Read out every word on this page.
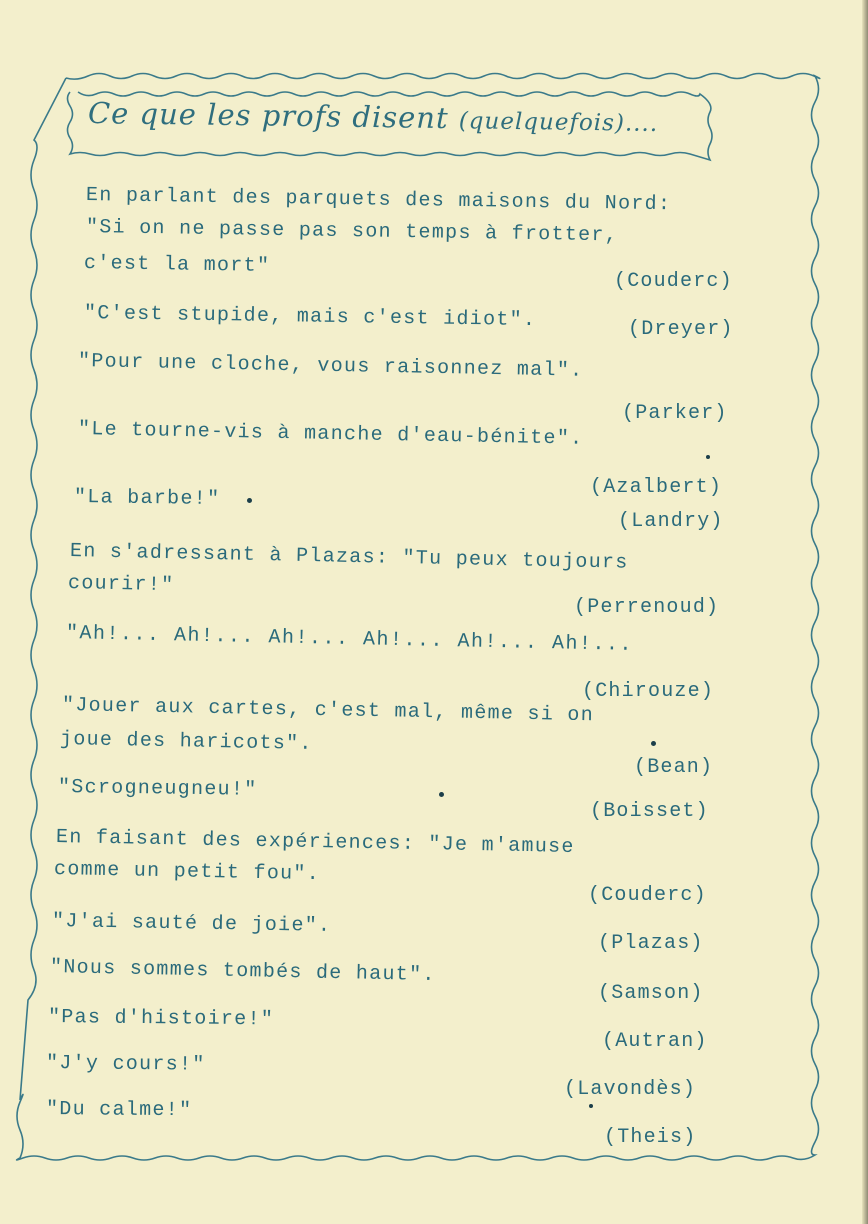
Ce que les profs disent (quelquefois)....
En parlant des parquets des maisons du Nord:
"Si on ne passe pas son temps à frotter,
c'est la mort"
(Couderc)
"C'est stupide, mais c'est idiot".	(Dreyer)
"Pour une cloche, vous raisonnez mal".
(Parker)
"Le tourne-vis à manche d'eau-bénite".
(Azalbert)
"La barbe!"
(Landry)
En s'adressant à Plazas: "Tu peux toujours
courir!"
(Perrenoud)
"Ah!... Ah!... Ah!... Ah!... Ah!... Ah!...
(Chirouze)
"Jouer aux cartes, c'est mal, même si on
joue des haricots".
(Bean)
"Scrogneugneu!"
(Boisset)
En faisant des expériences: "Je m'amuse
comme un petit fou".
(Couderc)
"J'ai sauté de joie".
(Plazas)
"Nous sommes tombés de haut".
(Samson)
"Pas d'histoire!"
(Autran)
"J'y cours!"
(Lavondès)
"Du calme!"
(Theis)
